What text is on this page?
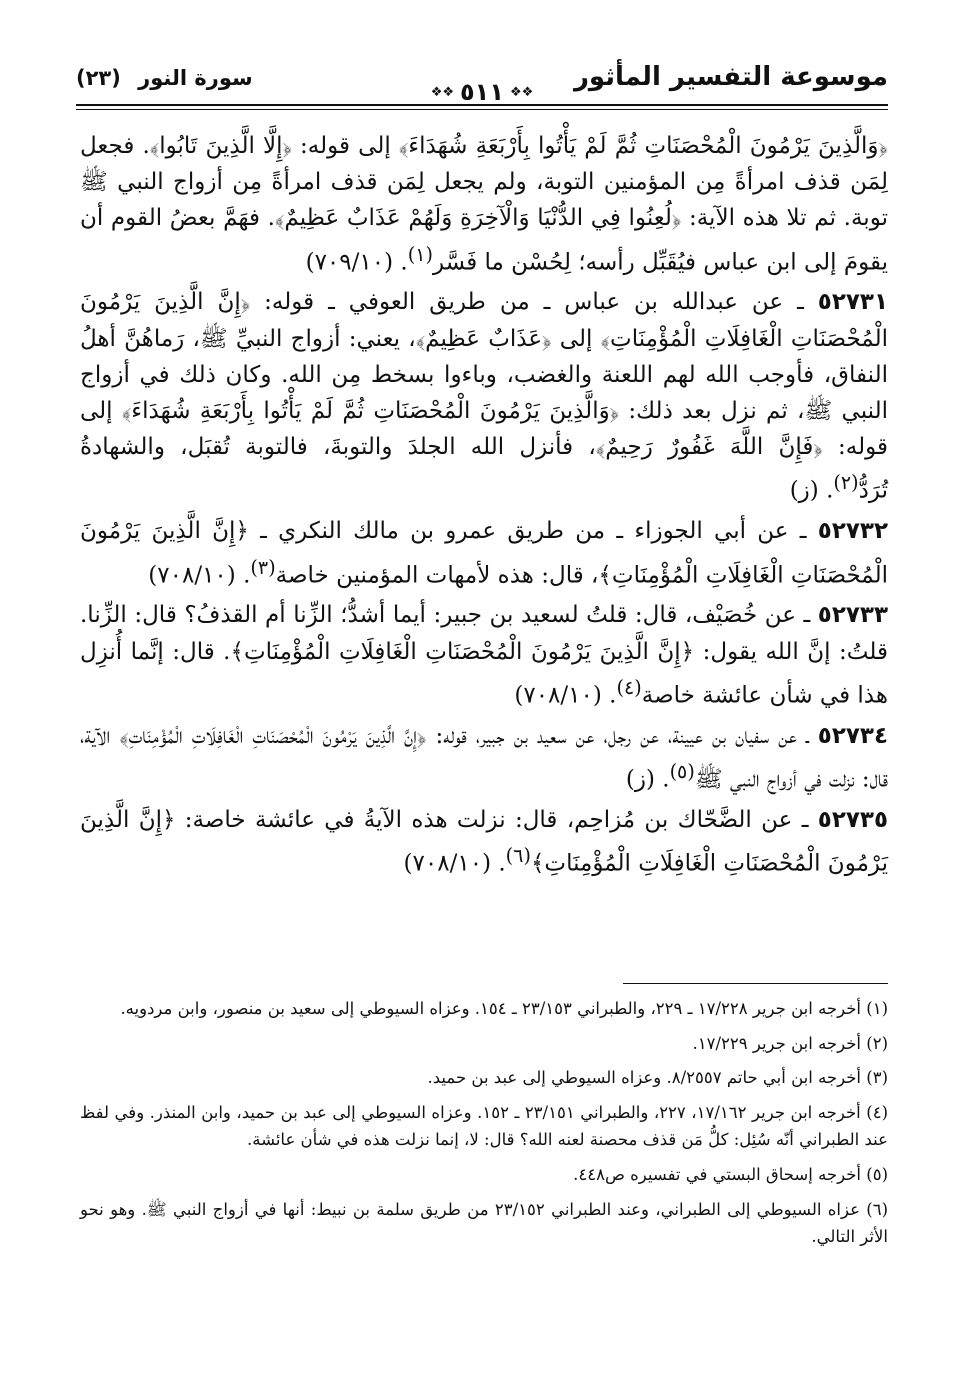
موسوعة التفسير المأثور
❖❖ ٥١١ ❖❖
سورة النور (٢٣)

﴿وَالَّذِينَ يَرْمُونَ الْمُحْصَنَاتِ ثُمَّ لَمْ يَأْتُوا بِأَرْبَعَةِ شُهَدَاءَ﴾ إلى قوله: ﴿إِلَّا الَّذِينَ تَابُوا﴾. فجعل لِمَن قذف امرأةً مِن المؤمنين التوبة، ولم يجعل لِمَن قذف امرأةً مِن أزواج النبي ﷺ توبة. ثم تلا هذه الآية: ﴿لُعِنُوا فِي الدُّنْيَا وَالْآخِرَةِ وَلَهُمْ عَذَابٌ عَظِيمٌ﴾. فهَمَّ بعضُ القوم أن يقومَ إلى ابن عباس فيُقَبِّل رأسه؛ لِحُسْن ما فَسَّر$^{(١)}$. (٧٠٩/١٠)

٥٢٧٣١ ـ عن عبدالله بن عباس ـ من طريق العوفي ـ قوله: ﴿إِنَّ الَّذِينَ يَرْمُونَ الْمُحْصَنَاتِ الْغَافِلَاتِ الْمُؤْمِنَاتِ﴾ إلى ﴿عَذَابٌ عَظِيمٌ﴾، يعني: أزواج النبيِّ ﷺ، رَماهُنَّ أهلُ النفاق، فأوجب الله لهم اللعنة والغضب، وباءوا بسخط مِن الله. وكان ذلك في أزواج النبي ﷺ، ثم نزل بعد ذلك: ﴿وَالَّذِينَ يَرْمُونَ الْمُحْصَنَاتِ ثُمَّ لَمْ يَأْتُوا بِأَرْبَعَةِ شُهَدَاءَ﴾ إلى قوله: ﴿فَإِنَّ اللَّهَ غَفُورٌ رَحِيمٌ﴾، فأنزل الله الجلدَ والتوبةَ، فالتوبة تُقبَل، والشهادةُ تُرَدُّ$^{(٢)}$. (ز)

٥٢٧٣٢ ـ عن أبي الجوزاء ـ من طريق عمرو بن مالك النكري ـ ﴿إِنَّ الَّذِينَ يَرْمُونَ الْمُحْصَنَاتِ الْغَافِلَاتِ الْمُؤْمِنَاتِ﴾، قال: هذه لأمهات المؤمنين خاصة$^{(٣)}$. (٧٠٨/١٠)

٥٢٧٣٣ ـ عن خُصَيْف، قال: قلتُ لسعيد بن جبير: أيما أشدُّ؛ الزِّنا أم القذفُ؟ قال: الزِّنا. قلتُ: إنَّ الله يقول: ﴿إِنَّ الَّذِينَ يَرْمُونَ الْمُحْصَنَاتِ الْغَافِلَاتِ الْمُؤْمِنَاتِ﴾. قال: إنَّما أُنزِل هذا في شأن عائشة خاصة$^{(٤)}$. (٧٠٨/١٠)

٥٢٧٣٤ ـ عن سفيان بن عيينة، عن رجل، عن سعيد بن جبير، قوله: ﴿إِنَّ الَّذِينَ يَرْمُونَ الْمُحْصَنَاتِ الْغَافِلَاتِ الْمُؤْمِنَاتِ﴾ الآية، قال: نزلت في أزواج النبي ﷺ$^{(٥)}$. (ز)

٥٢٧٣٥ ـ عن الضَّحّاك بن مُزاحِم، قال: نزلت هذه الآيةُ في عائشة خاصة: ﴿إِنَّ الَّذِينَ يَرْمُونَ الْمُحْصَنَاتِ الْغَافِلَاتِ الْمُؤْمِنَاتِ﴾$^{(٦)}$. (٧٠٨/١٠)

(١) أخرجه ابن جرير ١٧/٢٢٨ ـ ٢٢٩، والطبراني ٢٣/١٥٣ ـ ١٥٤. وعزاه السيوطي إلى سعيد بن منصور، وابن مردويه.

(٢) أخرجه ابن جرير ١٧/٢٢٩.

(٣) أخرجه ابن أبي حاتم ٨/٢٥٥٧. وعزاه السيوطي إلى عبد بن حميد.

(٤) أخرجه ابن جرير ١٧/١٦٢، ٢٢٧، والطبراني ٢٣/١٥١ ـ ١٥٢. وعزاه السيوطي إلى عبد بن حميد، وابن المنذر. وفي لفظ عند الطبراني أنّه سُئِل: كلُّ مَن قذف محصنة لعنه الله؟ قال: لا، إنما نزلت هذه في شأن عائشة.

(٥) أخرجه إسحاق البستي في تفسيره ص٤٤٨.

(٦) عزاه السيوطي إلى الطبراني، وعند الطبراني ٢٣/١٥٢ من طريق سلمة بن نبيط: أنها في أزواج النبي ﷺ. وهو نحو الأثر التالي.
